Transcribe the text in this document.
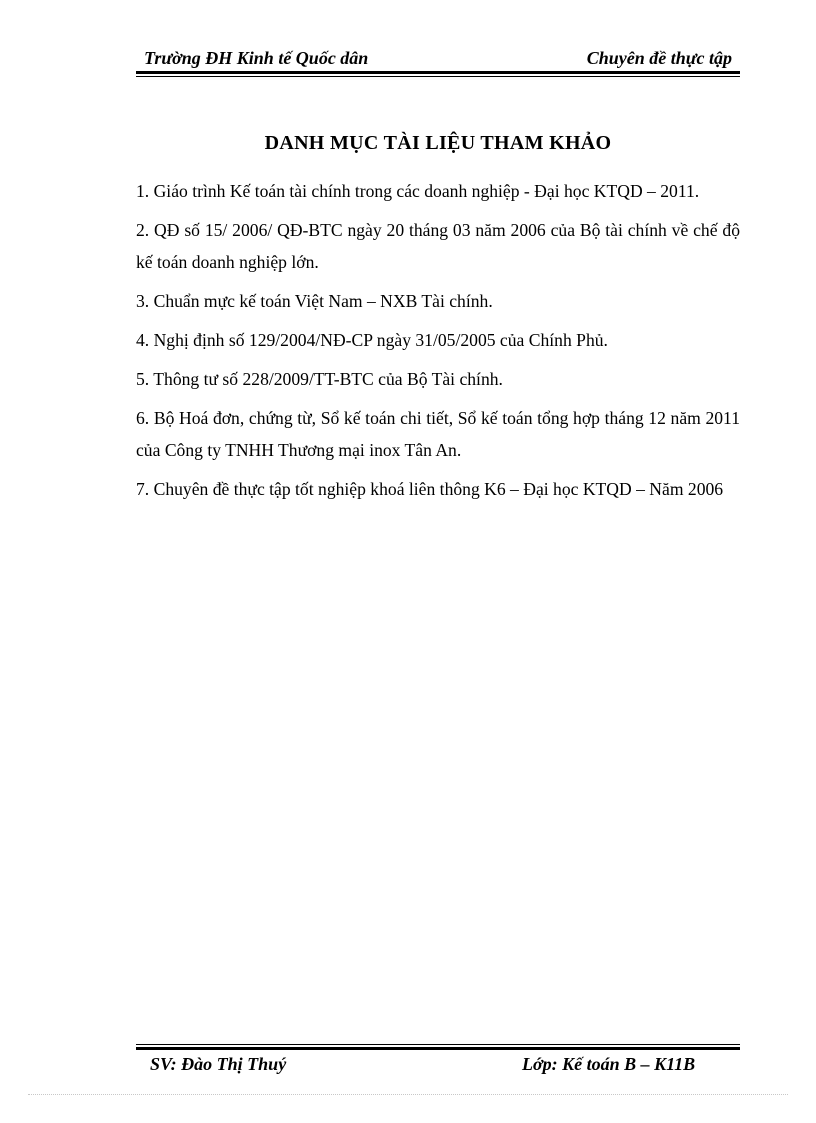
Trường ĐH Kinh tế Quốc dân	Chuyên đề thực tập
DANH MỤC TÀI LIỆU THAM KHẢO
1. Giáo trình Kế toán tài chính trong các doanh nghiệp - Đại học KTQD – 2011.
2. QĐ số 15/ 2006/ QĐ-BTC ngày 20 tháng 03 năm 2006 của Bộ tài chính về chế độ kế toán doanh nghiệp lớn.
3. Chuẩn mực kế toán Việt Nam – NXB Tài chính.
4. Nghị định số 129/2004/NĐ-CP ngày 31/05/2005 của Chính Phủ.
5. Thông tư số 228/2009/TT-BTC của Bộ Tài chính.
6. Bộ Hoá đơn, chứng từ, Sổ kế toán chi tiết, Sổ kế toán tổng hợp tháng 12 năm 2011 của Công ty TNHH Thương mại inox Tân An.
7. Chuyên đề thực tập tốt nghiệp khoá liên thông K6 – Đại học KTQD – Năm 2006
SV: Đào Thị Thuý	Lớp: Kế toán B – K11B
